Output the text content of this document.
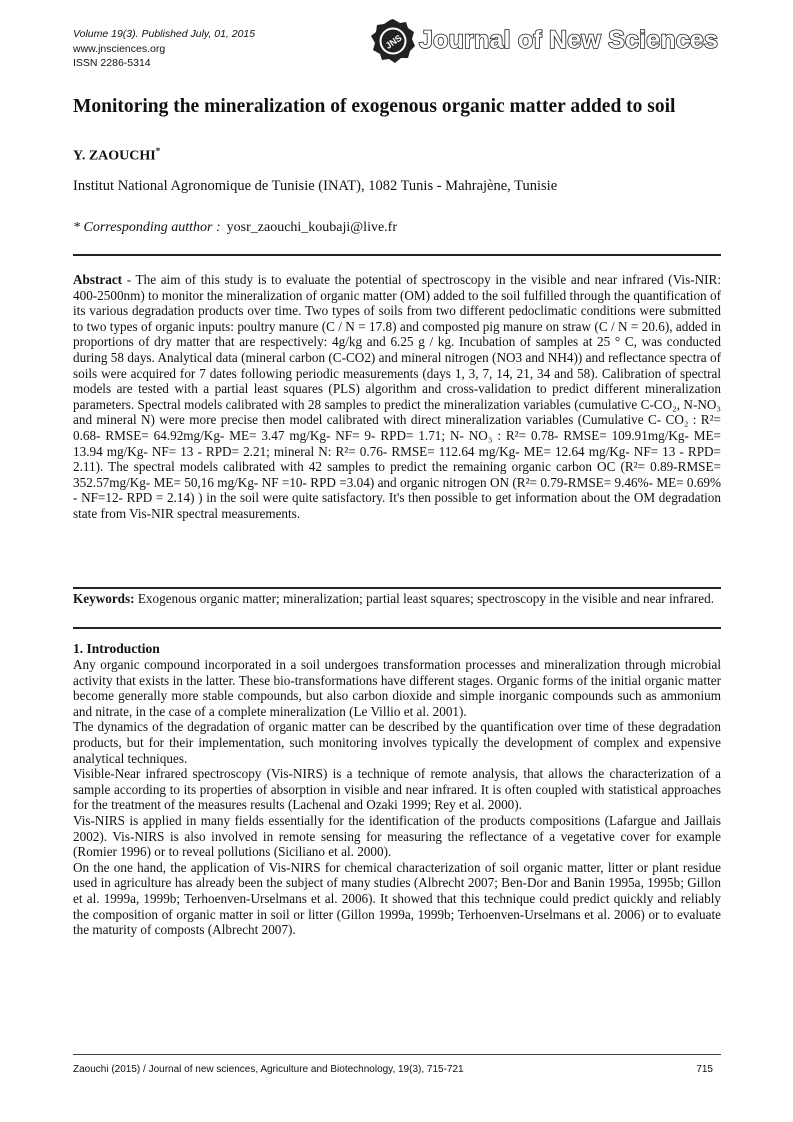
Volume 19(3). Published July, 01, 2015
www.jnsciences.org
ISSN 2286-5314
JNS Journal of New Sciences
Monitoring the mineralization of exogenous organic matter added to soil
Y. ZAOUCHI*
Institut National Agronomique de Tunisie (INAT), 1082 Tunis - Mahrajène, Tunisie
* Corresponding autthor : yosr_zaouchi_koubaji@live.fr
Abstract - The aim of this study is to evaluate the potential of spectroscopy in the visible and near infrared (Vis-NIR: 400-2500nm) to monitor the mineralization of organic matter (OM) added to the soil fulfilled through the quantification of its various degradation products over time. Two types of soils from two different pedoclimatic conditions were submitted to two types of organic inputs: poultry manure (C / N = 17.8) and composted pig manure on straw (C / N = 20.6), added in proportions of dry matter that are respectively: 4g/kg and 6.25 g / kg. Incubation of samples at 25 ° C, was conducted during 58 days. Analytical data (mineral carbon (C-CO2) and mineral nitrogen (NO3 and NH4)) and reflectance spectra of soils were acquired for 7 dates following periodic measurements (days 1, 3, 7, 14, 21, 34 and 58). Calibration of spectral models are tested with a partial least squares (PLS) algorithm and cross-validation to predict different mineralization parameters. Spectral models calibrated with 28 samples to predict the mineralization variables (cumulative C-CO₂, N-NO₃ and mineral N) were more precise then model calibrated with direct mineralization variables (Cumulative C- CO₂ : R²= 0.68- RMSE= 64.92mg/Kg- ME= 3.47 mg/Kg- NF= 9- RPD= 1.71; N- NO₃ : R²= 0.78- RMSE= 109.91mg/Kg- ME= 13.94 mg/Kg- NF= 13 - RPD= 2.21; mineral N: R²= 0.76- RMSE= 112.64 mg/Kg- ME= 12.64 mg/Kg- NF= 13 - RPD= 2.11). The spectral models calibrated with 42 samples to predict the remaining organic carbon OC (R²= 0.89-RMSE= 352.57mg/Kg- ME= 50,16 mg/Kg- NF =10- RPD =3.04) and organic nitrogen ON (R²= 0.79-RMSE= 9.46%- ME= 0.69% - NF=12- RPD = 2.14) ) in the soil were quite satisfactory. It's then possible to get information about the OM degradation state from Vis-NIR spectral measurements.
Keywords: Exogenous organic matter; mineralization; partial least squares; spectroscopy in the visible and near infrared.
1. Introduction

Any organic compound incorporated in a soil undergoes transformation processes and mineralization through microbial activity that exists in the latter. These bio-transformations have different stages. Organic forms of the initial organic matter become generally more stable compounds, but also carbon dioxide and simple inorganic compounds such as ammonium and nitrate, in the case of a complete mineralization (Le Villio et al. 2001).

The dynamics of the degradation of organic matter can be described by the quantification over time of these degradation products, but for their implementation, such monitoring involves typically the development of complex and expensive analytical techniques.

Visible-Near infrared spectroscopy (Vis-NIRS) is a technique of remote analysis, that allows the characterization of a sample according to its properties of absorption in visible and near infrared. It is often coupled with statistical approaches for the treatment of the measures results (Lachenal and Ozaki 1999; Rey et al. 2000).

Vis-NIRS is applied in many fields essentially for the identification of the products compositions (Lafargue and Jaillais 2002). Vis-NIRS is also involved in remote sensing for measuring the reflectance of a vegetative cover for example (Romier 1996) or to reveal pollutions (Siciliano et al. 2000).

On the one hand, the application of Vis-NIRS for chemical characterization of soil organic matter, litter or plant residue used in agriculture has already been the subject of many studies (Albrecht 2007; Ben-Dor and Banin 1995a, 1995b; Gillon et al. 1999a, 1999b; Terhoenven-Urselmans et al. 2006). It showed that this technique could predict quickly and reliably the composition of organic matter in soil or litter (Gillon 1999a, 1999b; Terhoenven-Urselmans et al. 2006) or to evaluate the maturity of composts (Albrecht 2007).

Zaouchi (2015) / Journal of new sciences, Agriculture and Biotechnology, 19(3), 715-721	715
